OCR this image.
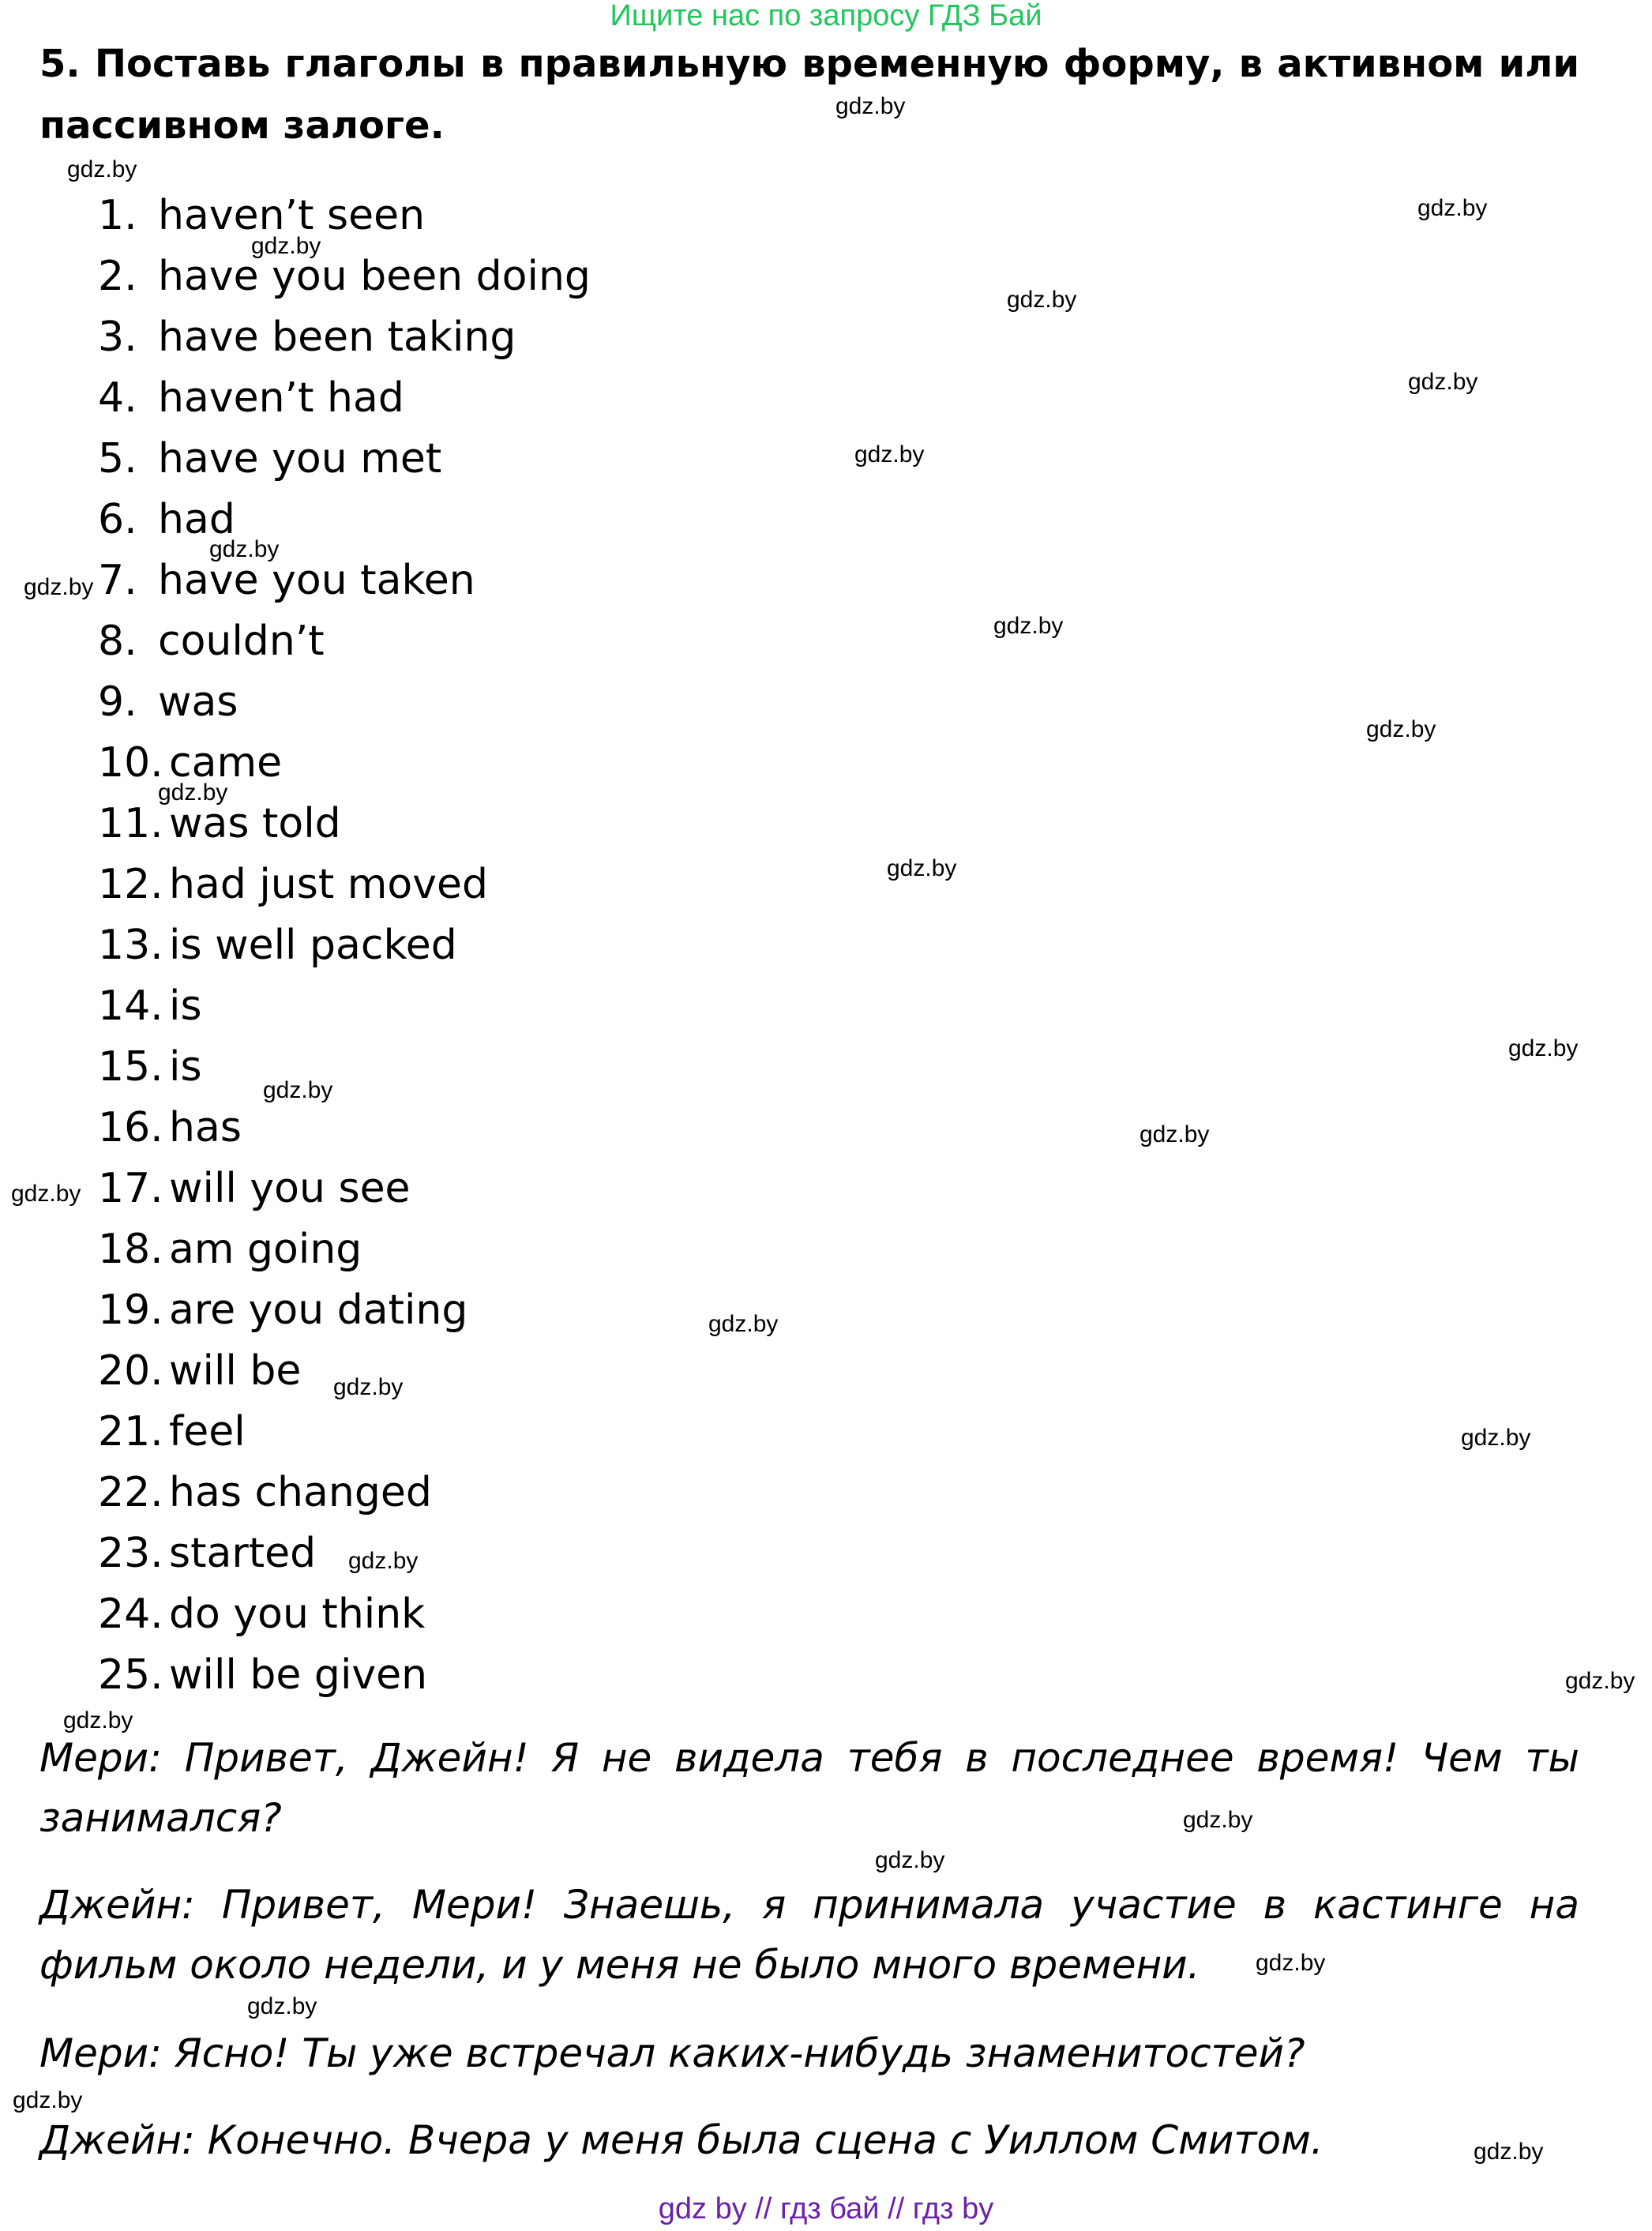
Ищите нас по запросу ГДЗ Бай
5. Поставь глаголы в правильную временную форму, в активном или пассивном залоге.
1. haven’t seen
2. have you been doing
3. have been taking
4. haven’t had
5. have you met
6. had
7. have you taken
8. couldn’t
9. was
10. came
11. was told
12. had just moved
13. is well packed
14. is
15. is
16. has
17. will you see
18. am going
19. are you dating
20. will be
21. feel
22. has changed
23. started
24. do you think
25. will be given
Мери: Привет, Джейн! Я не видела тебя в последнее время! Чем ты занимался?
Джейн: Привет, Мери! Знаешь, я принимала участие в кастинге на фильм около недели, и у меня не было много времени.
Мери: Ясно! Ты уже встречал каких-нибудь знаменитостей?
Джейн: Конечно. Вчера у меня была сцена с Уиллом Смитом.
gdz.by
gdz.by
gdz.by
gdz.by
gdz.by
gdz.by
gdz.by
gdz.by
gdz.by
gdz.by
gdz.by
gdz.by
gdz.by
gdz.by
gdz.by
gdz.by
gdz.by
gdz.by
gdz.by
gdz.by
gdz.by
gdz.by
gdz.by
gdz.by
gdz.by
gdz.by
gdz.by
gdz.by
gdz.by
gdz by // гдз бай // гдз by
